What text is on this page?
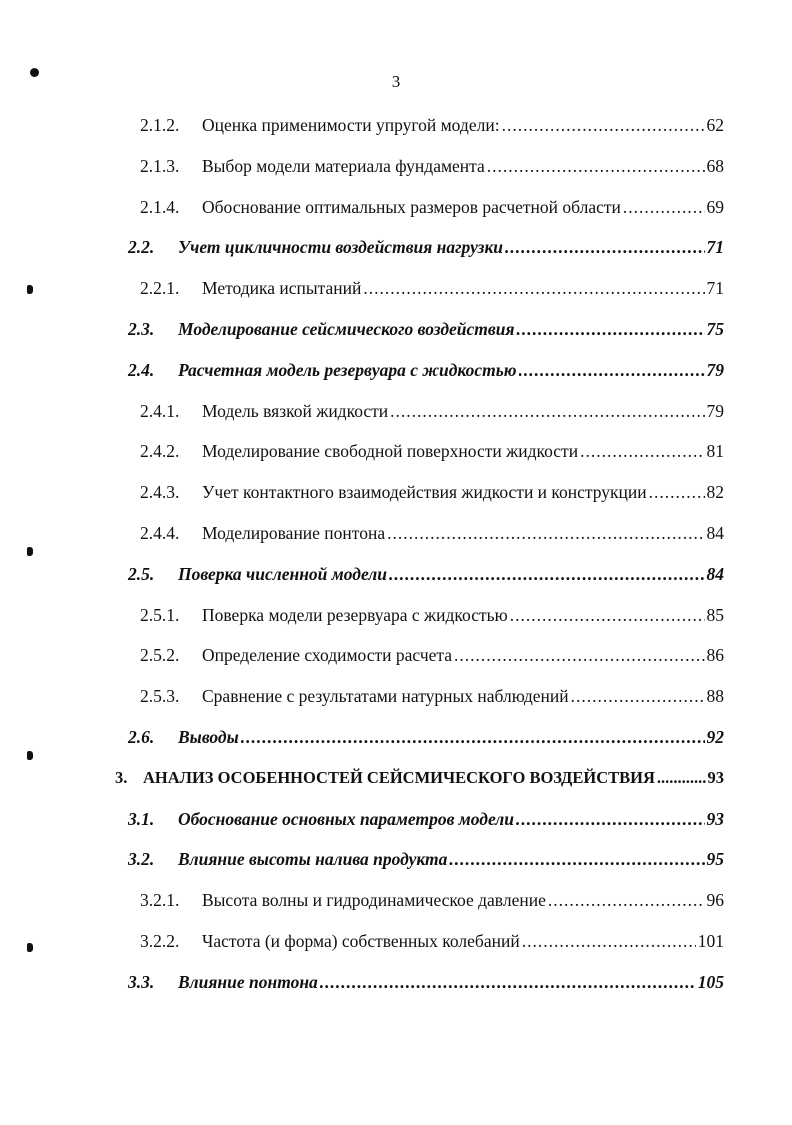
3
2.1.2.	Оценка применимости упругой модели: .....	62
2.1.3.	Выбор модели материала фундамента .....	68
2.1.4.	Обоснование оптимальных размеров расчетной области .....	69
2.2.	Учет цикличности воздействия нагрузки .....	71
2.2.1.	Методика испытаний .....	71
2.3.	Моделирование сейсмического воздействия .....	75
2.4.	Расчетная модель резервуара с жидкостью .....	79
2.4.1.	Модель вязкой жидкости .....	79
2.4.2.	Моделирование свободной поверхности жидкости .....	81
2.4.3.	Учет контактного взаимодействия жидкости и конструкции .....	82
2.4.4.	Моделирование понтона .....	84
2.5.	Поверка численной модели .....	84
2.5.1.	Поверка модели резервуара с жидкостью .....	85
2.5.2.	Определение сходимости расчета .....	86
2.5.3.	Сравнение с результатами натурных наблюдений .....	88
2.6.	Выводы .....	92
3. АНАЛИЗ ОСОБЕННОСТЕЙ СЕЙСМИЧЕСКОГО ВОЗДЕЙСТВИЯ .....	93
3.1.	Обоснование основных параметров модели .....	93
3.2.	Влияние высоты налива продукта .....	95
3.2.1.	Высота волны и гидродинамическое давление .....	96
3.2.2.	Частота (и форма) собственных колебаний .....	101
3.3.	Влияние понтона .....	105
